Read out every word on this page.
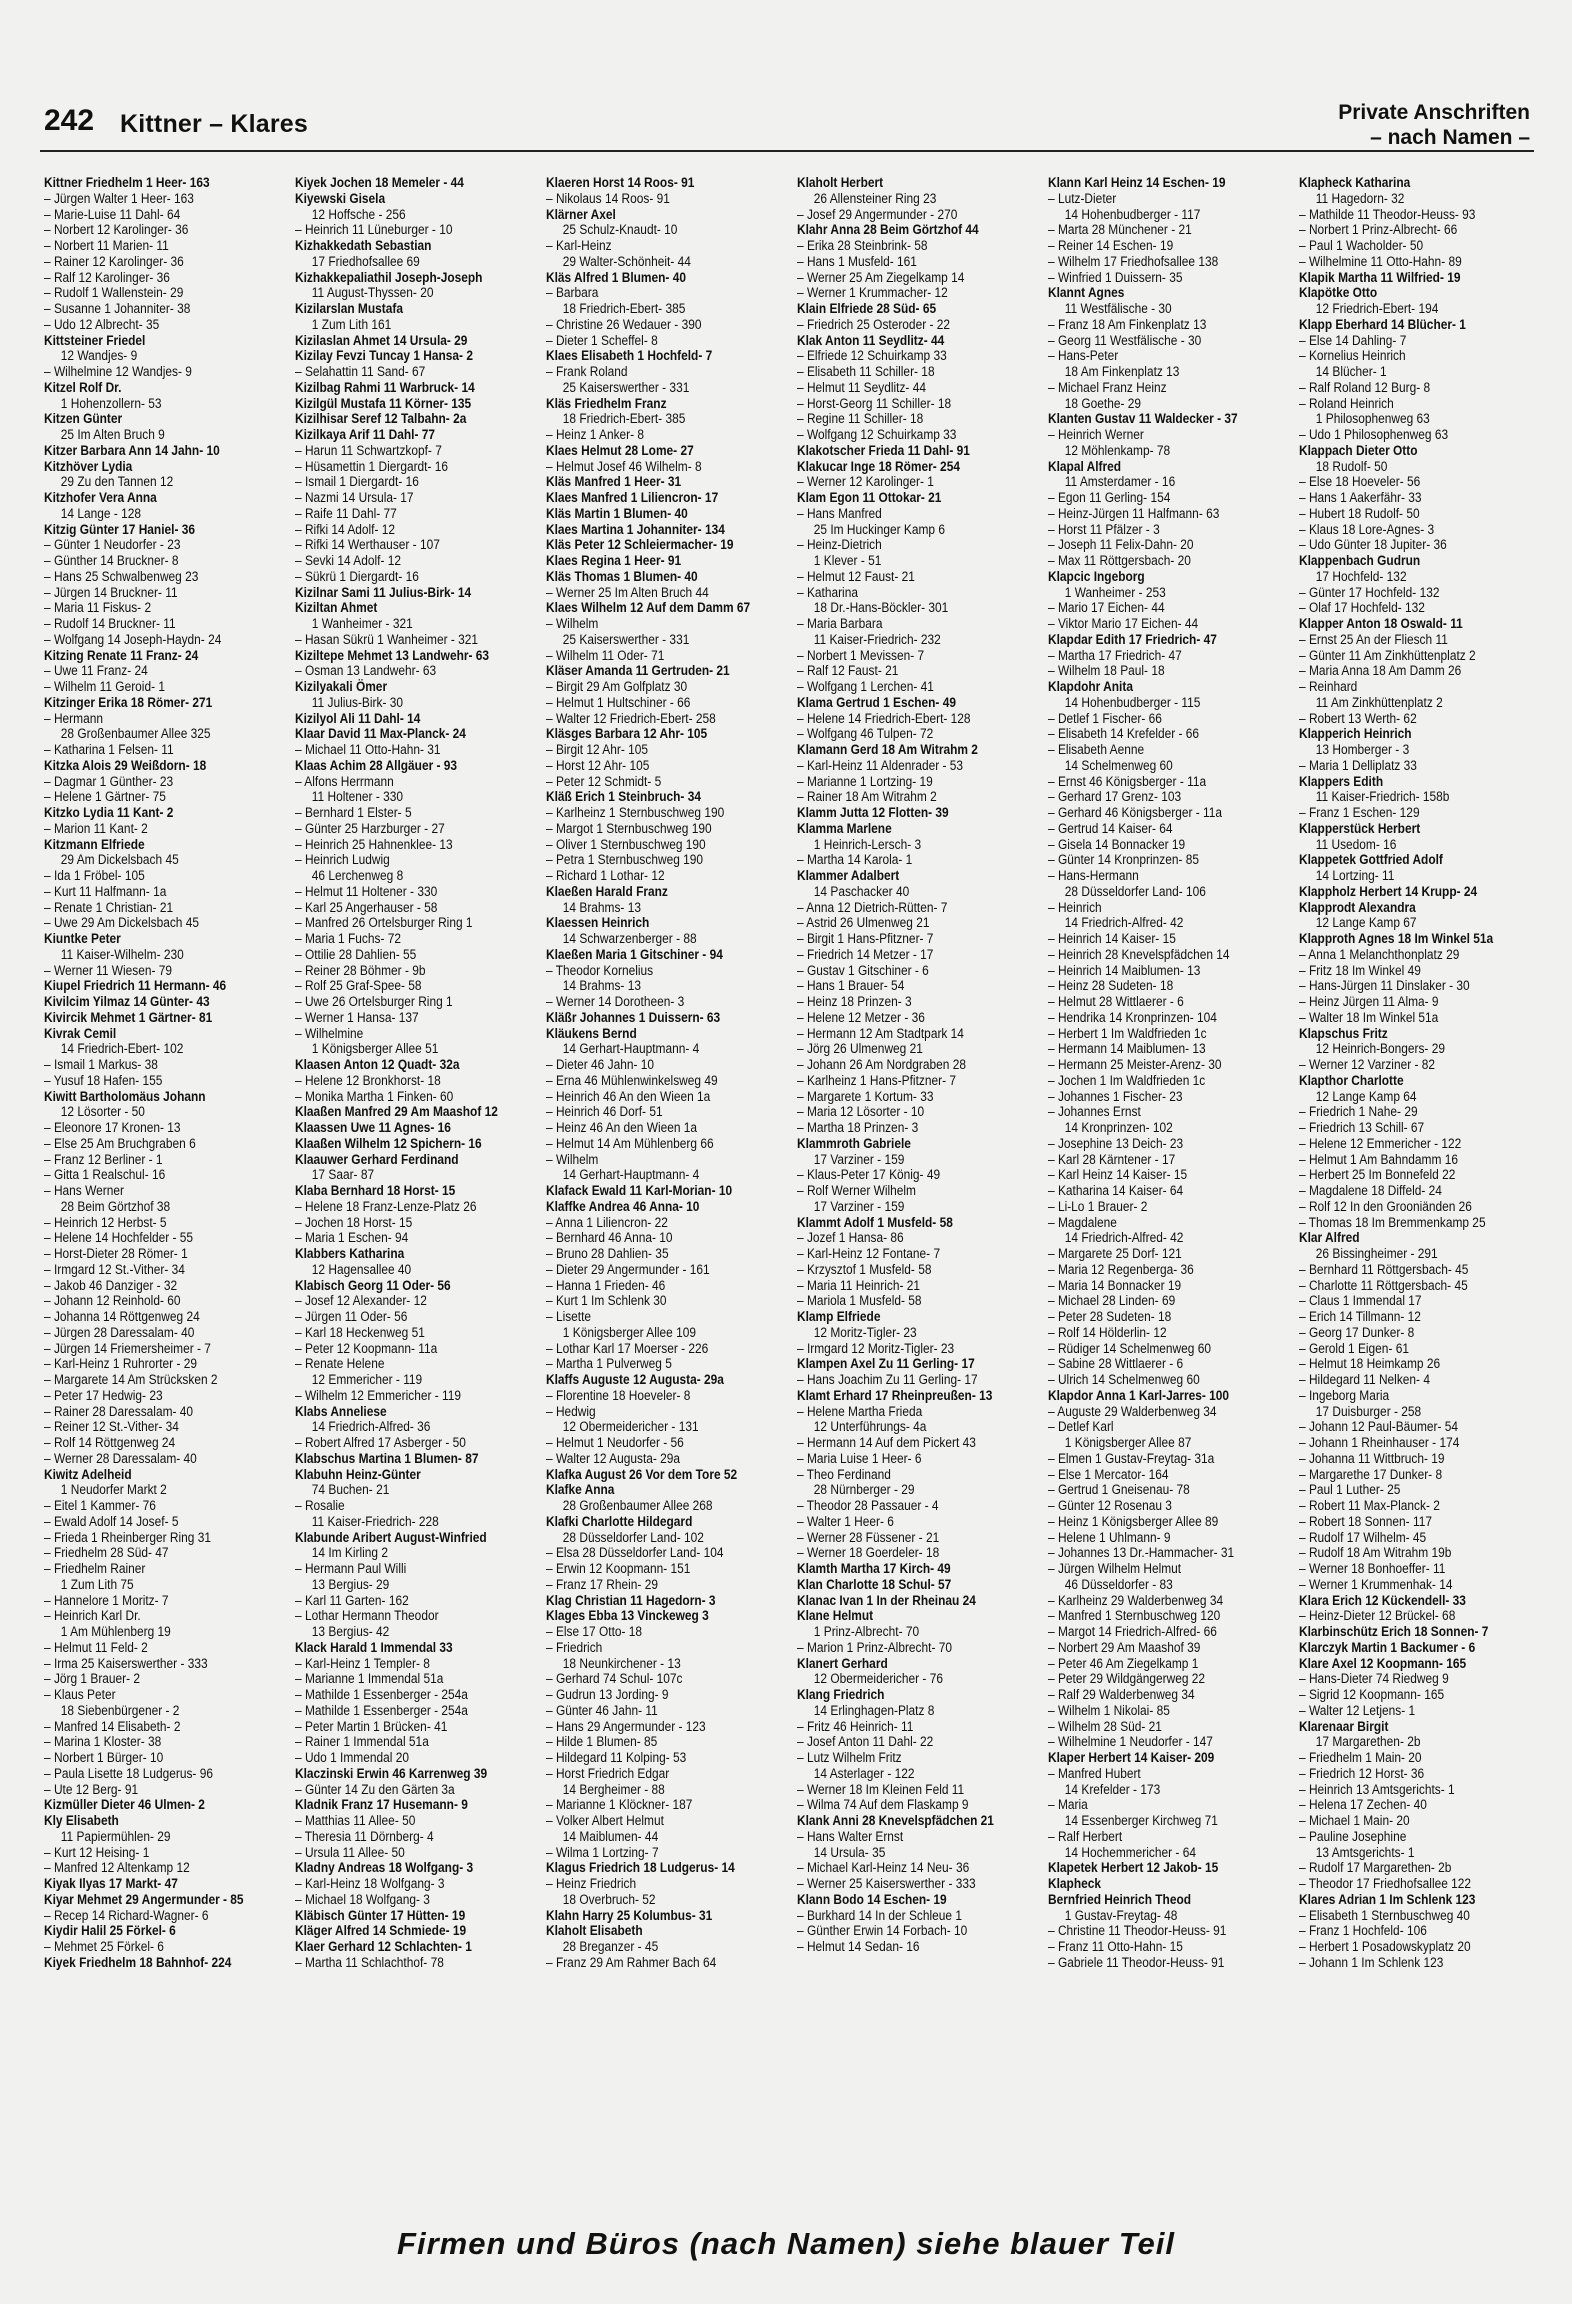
242 Kittner – Klares	Private Anschriften
– nach Namen –
Kittner Friedhelm 1 Heer- 163
– Jürgen Walter 1 Heer- 163
– Marie-Luise 11 Dahl- 64
– Norbert 12 Karolinger- 36
– Norbert 11 Marien- 11
– Rainer 12 Karolinger- 36
– Ralf 12 Karolinger- 36
– Rudolf 1 Wallenstein- 29
– Susanne 1 Johanniter- 38
– Udo 12 Albrecht- 35
Kittsteiner Friedel
12 Wandjes- 9
– Wilhelmine 12 Wandjes- 9
Kitzel Rolf Dr.
1 Hohenzollern- 53
Kitzen Günter
25 Im Alten Bruch 9
Kitzer Barbara Ann 14 Jahn- 10
Kitzhöver Lydia
29 Zu den Tannen 12
Kitzhofer Vera Anna
14 Lange - 128
Kitzig Günter 17 Haniel- 36
– Günter 1 Neudorfer - 23
– Günther 14 Bruckner- 8
– Hans 25 Schwalbenweg 23
– Jürgen 14 Bruckner- 11
– Maria 11 Fiskus- 2
– Rudolf 14 Bruckner- 11
– Wolfgang 14 Joseph-Haydn- 24
Kitzing Renate 11 Franz- 24
– Uwe 11 Franz- 24
– Wilhelm 11 Geroid- 1
Kitzinger Erika 18 Römer- 271
– Hermann
28 Großenbaumer Allee 325
– Katharina 1 Felsen- 11
Kitzka Alois 29 Weißdorn- 18
– Dagmar 1 Günther- 23
– Helene 1 Gärtner- 75
Kitzko Lydia 11 Kant- 2
– Marion 11 Kant- 2
Kitzmann Elfriede
29 Am Dickelsbach 45
– Ida 1 Fröbel- 105
– Kurt 11 Halfmann- 1a
– Renate 1 Christian- 21
– Uwe 29 Am Dickelsbach 45
Kiuntke Peter
11 Kaiser-Wilhelm- 230
– Werner 11 Wiesen- 79
Kiupel Friedrich 11 Hermann- 46
Kivilcim Yilmaz 14 Günter- 43
Kivircik Mehmet 1 Gärtner- 81
Kivrak Cemil
14 Friedrich-Ebert- 102
– Ismail 1 Markus- 38
– Yusuf 18 Hafen- 155
Kiwitt Bartholomäus Johann
12 Lösorter - 50
– Eleonore 17 Kronen- 13
– Else 25 Am Bruchgraben 6
– Franz 12 Berliner - 1
– Gitta 1 Realschul- 16
– Hans Werner
28 Beim Görtzhof 38
– Heinrich 12 Herbst- 5
– Helene 14 Hochfelder - 55
– Horst-Dieter 28 Römer- 1
– Irmgard 12 St.-Vither- 34
– Jakob 46 Danziger - 32
– Johann 12 Reinhold- 60
– Johanna 14 Röttgenweg 24
– Jürgen 28 Daressalam- 40
– Jürgen 14 Friemersheimer - 7
– Karl-Heinz 1 Ruhrorter - 29
– Margarete 14 Am Strücksken 2
– Peter 17 Hedwig- 23
– Rainer 28 Daressalam- 40
– Reiner 12 St.-Vither- 34
– Rolf 14 Röttgenweg 24
– Werner 28 Daressalam- 40
Kiwitz Adelheid
1 Neudorfer Markt 2
– Eitel 1 Kammer- 76
– Ewald Adolf 14 Josef- 5
– Frieda 1 Rheinberger Ring 31
– Friedhelm 28 Süd- 47
– Friedhelm Rainer
1 Zum Lith 75
– Hannelore 1 Moritz- 7
– Heinrich Karl Dr.
1 Am Mühlenberg 19
– Helmut 11 Feld- 2
– Irma 25 Kaiserswerther - 333
– Jörg 1 Brauer- 2
– Klaus Peter
18 Siebenbürgener - 2
– Manfred 14 Elisabeth- 2
– Marina 1 Kloster- 38
– Norbert 1 Bürger- 10
– Paula Lisette 18 Ludgerus- 96
– Ute 12 Berg- 91
Kizmüller Dieter 46 Ulmen- 2
Kly Elisabeth
11 Papiermühlen- 29
– Kurt 12 Heising- 1
– Manfred 12 Altenkamp 12
Kiyak Ilyas 17 Markt- 47
Kiyar Mehmet 29 Angermunder - 85
– Recep 14 Richard-Wagner- 6
Kiydir Halil 25 Förkel- 6
– Mehmet 25 Förkel- 6
Kiyek Friedhelm 18 Bahnhof- 224
Kiyek Jochen 18 Memeler - 44
Kiyewski Gisela
12 Hoffsche - 256
– Heinrich 11 Lüneburger - 10
Kizhakkedath Sebastian
17 Friedhofsallee 69
Kizhakkepaliathil Joseph-Joseph
11 August-Thyssen- 20
Kizilarslan Mustafa
1 Zum Lith 161
Kizilaslan Ahmet 14 Ursula- 29
Kizilay Fevzi Tuncay 1 Hansa- 2
– Selahattin 11 Sand- 67
Kizilbag Rahmi 11 Warbruck- 14
Kizilgül Mustafa 11 Körner- 135
Kizilhisar Seref 12 Talbahn- 2a
Kizilkaya Arif 11 Dahl- 77
– Harun 11 Schwartzkopf- 7
– Hüsamettin 1 Diergardt- 16
– Ismail 1 Diergardt- 16
– Nazmi 14 Ursula- 17
– Raife 11 Dahl- 77
– Rifki 14 Adolf- 12
– Rifki 14 Werthauser - 107
– Sevki 14 Adolf- 12
– Sükrü 1 Diergardt- 16
Kizilnar Sami 11 Julius-Birk- 14
Kiziltan Ahmet
1 Wanheimer - 321
– Hasan Sükrü 1 Wanheimer - 321
Kiziltepe Mehmet 13 Landwehr- 63
– Osman 13 Landwehr- 63
Kizilyakali Ömer
11 Julius-Birk- 30
Kizilyol Ali 11 Dahl- 14
Klaar David 11 Max-Planck- 24
– Michael 11 Otto-Hahn- 31
Klaas Achim 28 Allgäuer - 93
– Alfons Herrmann
11 Holtener - 330
– Bernhard 1 Elster- 5
– Günter 25 Harzburger - 27
– Heinrich 25 Hahnenklee- 13
– Heinrich Ludwig
46 Lerchenweg 8
– Helmut 11 Holtener - 330
– Karl 25 Angerhauser - 58
– Manfred 26 Ortelsburger Ring 1
– Maria 1 Fuchs- 72
– Ottilie 28 Dahlien- 55
– Reiner 28 Böhmer - 9b
– Rolf 25 Graf-Spee- 58
– Uwe 26 Ortelsburger Ring 1
– Werner 1 Hansa- 137
– Wilhelmine
1 Königsberger Allee 51
Klaasen Anton 12 Quadt- 32a
– Helene 12 Bronkhorst- 18
– Monika Martha 1 Finken- 60
Klaaßen Manfred 29 Am Maashof 12
Klaassen Uwe 11 Agnes- 16
Klaaßen Wilhelm 12 Spichern- 16
Klaauwer Gerhard Ferdinand
17 Saar- 87
Klaba Bernhard 18 Horst- 15
– Helene 18 Franz-Lenze-Platz 26
– Jochen 18 Horst- 15
– Maria 1 Eschen- 94
Klabbers Katharina
12 Hagensallee 40
Klabisch Georg 11 Oder- 56
– Josef 12 Alexander- 12
– Jürgen 11 Oder- 56
– Karl 18 Heckenweg 51
– Peter 12 Koopmann- 11a
– Renate Helene
12 Emmericher - 119
– Wilhelm 12 Emmericher - 119
Klabs Anneliese
14 Friedrich-Alfred- 36
– Robert Alfred 17 Asberger - 50
Klabschus Martina 1 Blumen- 87
Klabuhn Heinz-Günter
74 Buchen- 21
– Rosalie
11 Kaiser-Friedrich- 228
Klabunde Aribert August-Winfried
14 Im Kirling 2
– Hermann Paul Willi
13 Bergius- 29
– Karl 11 Garten- 162
– Lothar Hermann Theodor
13 Bergius- 42
Klack Harald 1 Immendal 33
– Karl-Heinz 1 Templer- 8
– Marianne 1 Immendal 51a
– Mathilde 1 Essenberger - 254a
– Mathilde 1 Essenberger - 254a
– Peter Martin 1 Brücken- 41
– Rainer 1 Immendal 51a
– Udo 1 Immendal 20
Klaczinski Erwin 46 Karrenweg 39
– Günter 14 Zu den Gärten 3a
Kladnik Franz 17 Husemann- 9
– Matthias 11 Allee- 50
– Theresia 11 Dörnberg- 4
– Ursula 11 Allee- 50
Kladny Andreas 18 Wolfgang- 3
– Karl-Heinz 18 Wolfgang- 3
– Michael 18 Wolfgang- 3
Kläbisch Günter 17 Hütten- 19
Kläger Alfred 14 Schmiede- 19
Klaer Gerhard 12 Schlachten- 1
– Martha 11 Schlachthof- 78
Klaeren Horst 14 Roos- 91
– Nikolaus 14 Roos- 91
Klärner Axel
25 Schulz-Knaudt- 10
– Karl-Heinz
29 Walter-Schönheit- 44
Kläs Alfred 1 Blumen- 40
– Barbara
18 Friedrich-Ebert- 385
– Christine 26 Wedauer - 390
– Dieter 1 Scheffel- 8
Klaes Elisabeth 1 Hochfeld- 7
– Frank Roland
25 Kaiserswerther - 331
Kläs Friedhelm Franz
18 Friedrich-Ebert- 385
– Heinz 1 Anker- 8
Klaes Helmut 28 Lome- 27
– Helmut Josef 46 Wilhelm- 8
Kläs Manfred 1 Heer- 31
Klaes Manfred 1 Liliencron- 17
Kläs Martin 1 Blumen- 40
Klaes Martina 1 Johanniter- 134
Kläs Peter 12 Schleiermacher- 19
Klaes Regina 1 Heer- 91
Kläs Thomas 1 Blumen- 40
– Werner 25 Im Alten Bruch 44
Klaes Wilhelm 12 Auf dem Damm 67
– Wilhelm
25 Kaiserswerther - 331
– Wilhelm 11 Oder- 71
Kläser Amanda 11 Gertruden- 21
– Birgit 29 Am Golfplatz 30
– Helmut 1 Hultschiner - 66
– Walter 12 Friedrich-Ebert- 258
Kläsges Barbara 12 Ahr- 105
– Birgit 12 Ahr- 105
– Horst 12 Ahr- 105
– Peter 12 Schmidt- 5
Kläß Erich 1 Steinbruch- 34
– Karlheinz 1 Sternbuschweg 190
– Margot 1 Sternbuschweg 190
– Oliver 1 Sternbuschweg 190
– Petra 1 Sternbuschweg 190
– Richard 1 Lothar- 12
Klaeßen Harald Franz
14 Brahms- 13
Klaessen Heinrich
14 Schwarzenberger - 88
Klaeßen Maria 1 Gitschiner - 94
– Theodor Kornelius
14 Brahms- 13
– Werner 14 Dorotheen- 3
Kläßr Johannes 1 Duissern- 63
Kläukens Bernd
14 Gerhart-Hauptmann- 4
– Dieter 46 Jahn- 10
– Erna 46 Mühlenwinkelsweg 49
– Heinrich 46 An den Wieen 1a
– Heinrich 46 Dorf- 51
– Heinz 46 An den Wieen 1a
– Helmut 14 Am Mühlenberg 66
– Wilhelm
14 Gerhart-Hauptmann- 4
Klafack Ewald 11 Karl-Morian- 10
Klaffke Andrea 46 Anna- 10
– Anna 1 Liliencron- 22
– Bernhard 46 Anna- 10
– Bruno 28 Dahlien- 35
– Dieter 29 Angermunder - 161
– Hanna 1 Frieden- 46
– Kurt 1 Im Schlenk 30
– Lisette
1 Königsberger Allee 109
– Lothar Karl 17 Moerser - 226
– Martha 1 Pulverweg 5
Klaffs Auguste 12 Augusta- 29a
– Florentine 18 Hoeveler- 8
– Hedwig
12 Obermeidericher - 131
– Helmut 1 Neudorfer - 56
– Walter 12 Augusta- 29a
Klafka August 26 Vor dem Tore 52
Klafke Anna
28 Großenbaumer Allee 268
Klafki Charlotte Hildegard
28 Düsseldorfer Land- 102
– Elsa 28 Düsseldorfer Land- 104
– Erwin 12 Koopmann- 151
– Franz 17 Rhein- 29
Klag Christian 11 Hagedorn- 3
Klages Ebba 13 Vinckeweg 3
– Else 17 Otto- 18
– Friedrich
18 Neunkirchener - 13
– Gerhard 74 Schul- 107c
– Gudrun 13 Jording- 9
– Günter 46 Jahn- 11
– Hans 29 Angermunder - 123
– Hilde 1 Blumen- 85
– Hildegard 11 Kolping- 53
– Horst Friedrich Edgar
14 Bergheimer - 88
– Marianne 1 Klöckner- 187
– Volker Albert Helmut
14 Maiblumen- 44
– Wilma 1 Lortzing- 7
Klagus Friedrich 18 Ludgerus- 14
– Heinz Friedrich
18 Overbruch- 52
Klahn Harry 25 Kolumbus- 31
Klaholt Elisabeth
28 Breganzer - 45
– Franz 29 Am Rahmer Bach 64
Klaholt Herbert
26 Allensteiner Ring 23
– Josef 29 Angermunder - 270
Klahr Anna 28 Beim Görtzhof 44
– Erika 28 Steinbrink- 58
– Hans 1 Musfeld- 161
– Werner 25 Am Ziegelkamp 14
– Werner 1 Krummacher- 12
Klain Elfriede 28 Süd- 65
– Friedrich 25 Osteroder - 22
Klak Anton 11 Seydlitz- 44
– Elfriede 12 Schuirkamp 33
– Elisabeth 11 Schiller- 18
– Helmut 11 Seydlitz- 44
– Horst-Georg 11 Schiller- 18
– Regine 11 Schiller- 18
– Wolfgang 12 Schuirkamp 33
Klakotscher Frieda 11 Dahl- 91
Klakucar Inge 18 Römer- 254
– Werner 12 Karolinger- 1
Klam Egon 11 Ottokar- 21
– Hans Manfred
25 Im Huckinger Kamp 6
– Heinz-Dietrich
1 Klever - 51
– Helmut 12 Faust- 21
– Katharina
18 Dr.-Hans-Böckler- 301
– Maria Barbara
11 Kaiser-Friedrich- 232
– Norbert 1 Mevissen- 7
– Ralf 12 Faust- 21
– Wolfgang 1 Lerchen- 41
Klama Gertrud 1 Eschen- 49
– Helene 14 Friedrich-Ebert- 128
– Wolfgang 46 Tulpen- 72
Klamann Gerd 18 Am Witrahm 2
– Karl-Heinz 11 Aldenrader - 53
– Marianne 1 Lortzing- 19
– Rainer 18 Am Witrahm 2
Klamm Jutta 12 Flotten- 39
Klamma Marlene
1 Heinrich-Lersch- 3
– Martha 14 Karola- 1
Klammer Adalbert
14 Paschacker 40
– Anna 12 Dietrich-Rütten- 7
– Astrid 26 Ulmenweg 21
– Birgit 1 Hans-Pfitzner- 7
– Friedrich 14 Metzer - 17
– Gustav 1 Gitschiner - 6
– Hans 1 Brauer- 54
– Heinz 18 Prinzen- 3
– Helene 12 Metzer - 36
– Hermann 12 Am Stadtpark 14
– Jörg 26 Ulmenweg 21
– Johann 26 Am Nordgraben 28
– Karlheinz 1 Hans-Pfitzner- 7
– Margarete 1 Kortum- 33
– Maria 12 Lösorter - 10
– Martha 18 Prinzen- 3
Klammroth Gabriele
17 Varziner - 159
– Klaus-Peter 17 König- 49
– Rolf Werner Wilhelm
17 Varziner - 159
Klammt Adolf 1 Musfeld- 58
– Jozef 1 Hansa- 86
– Karl-Heinz 12 Fontane- 7
– Krzysztof 1 Musfeld- 58
– Maria 11 Heinrich- 21
– Mariola 1 Musfeld- 58
Klamp Elfriede
12 Moritz-Tigler- 23
– Irmgard 12 Moritz-Tigler- 23
Klampen Axel Zu 11 Gerling- 17
– Hans Joachim Zu 11 Gerling- 17
Klamt Erhard 17 Rheinpreußen- 13
– Helene Martha Frieda
12 Unterführungs- 4a
– Hermann 14 Auf dem Pickert 43
– Maria Luise 1 Heer- 6
– Theo Ferdinand
28 Nürnberger - 29
– Theodor 28 Passauer - 4
– Walter 1 Heer- 6
– Werner 28 Füssener - 21
– Werner 18 Goerdeler- 18
Klamth Martha 17 Kirch- 49
Klan Charlotte 18 Schul- 57
Klanac Ivan 1 In der Rheinau 24
Klane Helmut
1 Prinz-Albrecht- 70
– Marion 1 Prinz-Albrecht- 70
Klanert Gerhard
12 Obermeidericher - 76
Klang Friedrich
14 Erlinghagen-Platz 8
– Fritz 46 Heinrich- 11
– Josef Anton 11 Dahl- 22
– Lutz Wilhelm Fritz
14 Asterlager - 122
– Werner 18 Im Kleinen Feld 11
– Wilma 74 Auf dem Flaskamp 9
Klank Anni 28 Knevelspfädchen 21
– Hans Walter Ernst
14 Ursula- 35
– Michael Karl-Heinz 14 Neu- 36
– Werner 25 Kaiserswerther - 333
Klann Bodo 14 Eschen- 19
– Burkhard 14 In der Schleue 1
– Günther Erwin 14 Forbach- 10
– Helmut 14 Sedan- 16
Klann Karl Heinz 14 Eschen- 19
– Lutz-Dieter
14 Hohenbudberger - 117
– Marta 28 Münchener - 21
– Reiner 14 Eschen- 19
– Wilhelm 17 Friedhofsallee 138
– Winfried 1 Duissern- 35
Klannt Agnes
11 Westfälische - 30
– Franz 18 Am Finkenplatz 13
– Georg 11 Westfälische - 30
– Hans-Peter
18 Am Finkenplatz 13
– Michael Franz Heinz
18 Goethe- 29
Klanten Gustav 11 Waldecker - 37
– Heinrich Werner
12 Möhlenkamp- 78
Klapal Alfred
11 Amsterdamer - 16
– Egon 11 Gerling- 154
– Heinz-Jürgen 11 Halfmann- 63
– Horst 11 Pfälzer - 3
– Joseph 11 Felix-Dahn- 20
– Max 11 Röttgersbach- 20
Klapcic Ingeborg
1 Wanheimer - 253
– Mario 17 Eichen- 44
– Viktor Mario 17 Eichen- 44
Klapdar Edith 17 Friedrich- 47
– Martha 17 Friedrich- 47
– Wilhelm 18 Paul- 18
Klapdohr Anita
14 Hohenbudberger - 115
– Detlef 1 Fischer- 66
– Elisabeth 14 Krefelder - 66
– Elisabeth Aenne
14 Schelmenweg 60
– Ernst 46 Königsberger - 11a
– Gerhard 17 Grenz- 103
– Gerhard 46 Königsberger - 11a
– Gertrud 14 Kaiser- 64
– Gisela 14 Bonnacker 19
– Günter 14 Kronprinzen- 85
– Hans-Hermann
28 Düsseldorfer Land- 106
– Heinrich
14 Friedrich-Alfred- 42
– Heinrich 14 Kaiser- 15
– Heinrich 28 Knevelspfädchen 14
– Heinrich 14 Maiblumen- 13
– Heinz 28 Sudeten- 18
– Helmut 28 Wittlaerer - 6
– Hendrika 14 Kronprinzen- 104
– Herbert 1 Im Waldfrieden 1c
– Hermann 14 Maiblumen- 13
– Hermann 25 Meister-Arenz- 30
– Jochen 1 Im Waldfrieden 1c
– Johannes 1 Fischer- 23
– Johannes Ernst
14 Kronprinzen- 102
– Josephine 13 Deich- 23
– Karl 28 Kärntener - 17
– Karl Heinz 14 Kaiser- 15
– Katharina 14 Kaiser- 64
– Li-Lo 1 Brauer- 2
– Magdalene
14 Friedrich-Alfred- 42
– Margarete 25 Dorf- 121
– Maria 12 Regenberga- 36
– Maria 14 Bonnacker 19
– Michael 28 Linden- 69
– Peter 28 Sudeten- 18
– Rolf 14 Hölderlin- 12
– Rüdiger 14 Schelmenweg 60
– Sabine 28 Wittlaerer - 6
– Ulrich 14 Schelmenweg 60
Klapdor Anna 1 Karl-Jarres- 100
– Auguste 29 Walderbenweg 34
– Detlef Karl
1 Königsberger Allee 87
– Elmen 1 Gustav-Freytag- 31a
– Else 1 Mercator- 164
– Gertrud 1 Gneisenau- 78
– Günter 12 Rosenau 3
– Heinz 1 Königsberger Allee 89
– Helene 1 Uhlmann- 9
– Johannes 13 Dr.-Hammacher- 31
– Jürgen Wilhelm Helmut
46 Düsseldorfer - 83
– Karlheinz 29 Walderbenweg 34
– Manfred 1 Sternbuschweg 120
– Margot 14 Friedrich-Alfred- 66
– Norbert 29 Am Maashof 39
– Peter 46 Am Ziegelkamp 1
– Peter 29 Wildgängerweg 22
– Ralf 29 Walderbenweg 34
– Wilhelm 1 Nikolai- 85
– Wilhelm 28 Süd- 21
– Wilhelmine 1 Neudorfer - 147
Klaper Herbert 14 Kaiser- 209
– Manfred Hubert
14 Krefelder - 173
– Maria
14 Essenberger Kirchweg 71
– Ralf Herbert
14 Hochemmericher - 64
Klapetek Herbert 12 Jakob- 15
Klapheck
Bernfried Heinrich Theod
1 Gustav-Freytag- 48
– Christine 11 Theodor-Heuss- 91
– Franz 11 Otto-Hahn- 15
– Gabriele 11 Theodor-Heuss- 91
Klapheck Katharina
11 Hagedorn- 32
– Mathilde 11 Theodor-Heuss- 93
– Norbert 1 Prinz-Albrecht- 66
– Paul 1 Wacholder- 50
– Wilhelmine 11 Otto-Hahn- 89
Klapik Martha 11 Wilfried- 19
Klapötke Otto
12 Friedrich-Ebert- 194
Klapp Eberhard 14 Blücher- 1
– Else 14 Dahling- 7
– Kornelius Heinrich
14 Blücher- 1
– Ralf Roland 12 Burg- 8
– Roland Heinrich
1 Philosophenweg 63
– Udo 1 Philosophenweg 63
Klappach Dieter Otto
18 Rudolf- 50
– Else 18 Hoeveler- 56
– Hans 1 Aakerfähr- 33
– Hubert 18 Rudolf- 50
– Klaus 18 Lore-Agnes- 3
– Udo Günter 18 Jupiter- 36
Klappenbach Gudrun
17 Hochfeld- 132
– Günter 17 Hochfeld- 132
– Olaf 17 Hochfeld- 132
Klapper Anton 18 Oswald- 11
– Ernst 25 An der Fliesch 11
– Günter 11 Am Zinkhüttenplatz 2
– Maria Anna 18 Am Damm 26
– Reinhard
11 Am Zinkhüttenplatz 2
– Robert 13 Werth- 62
Klapperich Heinrich
13 Homberger - 3
– Maria 1 Delliplatz 33
Klappers Edith
11 Kaiser-Friedrich- 158b
– Franz 1 Eschen- 129
Klapperstück Herbert
11 Usedom- 16
Klappetek Gottfried Adolf
14 Lortzing- 11
Klappholz Herbert 14 Krupp- 24
Klapprodt Alexandra
12 Lange Kamp 67
Klapproth Agnes 18 Im Winkel 51a
– Anna 1 Melanchthonplatz 29
– Fritz 18 Im Winkel 49
– Hans-Jürgen 11 Dinslaker - 30
– Heinz Jürgen 11 Alma- 9
– Walter 18 Im Winkel 51a
Klapschus Fritz
12 Heinrich-Bongers- 29
– Werner 12 Varziner - 82
Klapthor Charlotte
12 Lange Kamp 64
– Friedrich 1 Nahe- 29
– Friedrich 13 Schill- 67
– Helene 12 Emmericher - 122
– Helmut 1 Am Bahndamm 16
– Herbert 25 Im Bonnefeld 22
– Magdalene 18 Diffeld- 24
– Rolf 12 In den Grooniänden 26
– Thomas 18 Im Bremmenkamp 25
Klar Alfred
26 Bissingheimer - 291
– Bernhard 11 Röttgersbach- 45
– Charlotte 11 Röttgersbach- 45
– Claus 1 Immendal 17
– Erich 14 Tillmann- 12
– Georg 17 Dunker- 8
– Gerold 1 Eigen- 61
– Helmut 18 Heimkamp 26
– Hildegard 11 Nelken- 4
– Ingeborg Maria
17 Duisburger - 258
– Johann 12 Paul-Bäumer- 54
– Johann 1 Rheinhauser - 174
– Johanna 11 Wittbruch- 19
– Margarethe 17 Dunker- 8
– Paul 1 Luther- 25
– Robert 11 Max-Planck- 2
– Robert 18 Sonnen- 117
– Rudolf 17 Wilhelm- 45
– Rudolf 18 Am Witrahm 19b
– Werner 18 Bonhoeffer- 11
– Werner 1 Krummenhak- 14
Klara Erich 12 Kückendell- 33
– Heinz-Dieter 12 Brückel- 68
Klarbinschütz Erich 18 Sonnen- 7
Klarczyk Martin 1 Backumer - 6
Klare Axel 12 Koopmann- 165
– Hans-Dieter 74 Riedweg 9
– Sigrid 12 Koopmann- 165
– Walter 12 Letjens- 1
Klarenaar Birgit
17 Margarethen- 2b
– Friedhelm 1 Main- 20
– Friedrich 12 Horst- 36
– Heinrich 13 Amtsgerichts- 1
– Helena 17 Zechen- 40
– Michael 1 Main- 20
– Pauline Josephine
13 Amtsgerichts- 1
– Rudolf 17 Margarethen- 2b
– Theodor 17 Friedhofsallee 122
Klares Adrian 1 Im Schlenk 123
– Elisabeth 1 Sternbuschweg 40
– Franz 1 Hochfeld- 106
– Herbert 1 Posadowskyplatz 20
– Johann 1 Im Schlenk 123
Firmen und Büros (nach Namen) siehe blauer Teil
